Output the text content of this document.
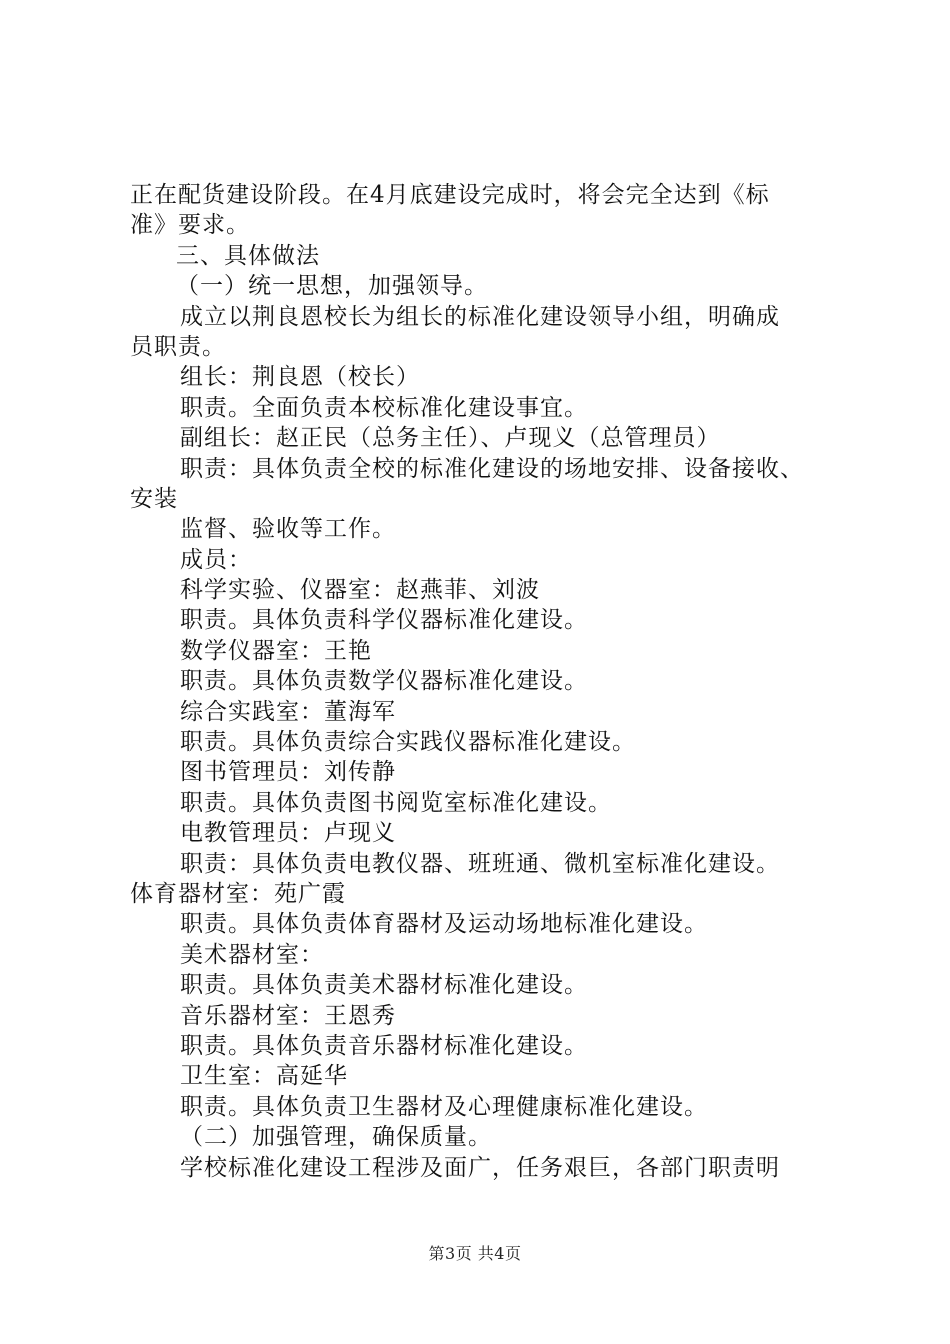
正在配货建设阶段。在4月底建设完成时，将会完全达到《标
准》要求。
三、具体做法
（一）统一思想，加强领导。
成立以荆良恩校长为组长的标准化建设领导小组，明确成
员职责。
组长：荆良恩（校长）
职责。全面负责本校标准化建设事宜。
副组长：赵正民（总务主任）、卢现义（总管理员）
职责：具体负责全校的标准化建设的场地安排、设备接收、
安装
监督、验收等工作。
成员：
科学实验、仪器室：赵燕菲、刘波
职责。具体负责科学仪器标准化建设。
数学仪器室：王艳
职责。具体负责数学仪器标准化建设。
综合实践室：董海军
职责。具体负责综合实践仪器标准化建设。
图书管理员：刘传静
职责。具体负责图书阅览室标准化建设。
电教管理员：卢现义
职责：具体负责电教仪器、班班通、微机室标准化建设。
体育器材室：苑广霞
职责。具体负责体育器材及运动场地标准化建设。
美术器材室：
职责。具体负责美术器材标准化建设。
音乐器材室：王恩秀
职责。具体负责音乐器材标准化建设。
卫生室：高延华
职责。具体负责卫生器材及心理健康标准化建设。
（二）加强管理，确保质量。
学校标准化建设工程涉及面广，任务艰巨，各部门职责明
第3页 共4页
